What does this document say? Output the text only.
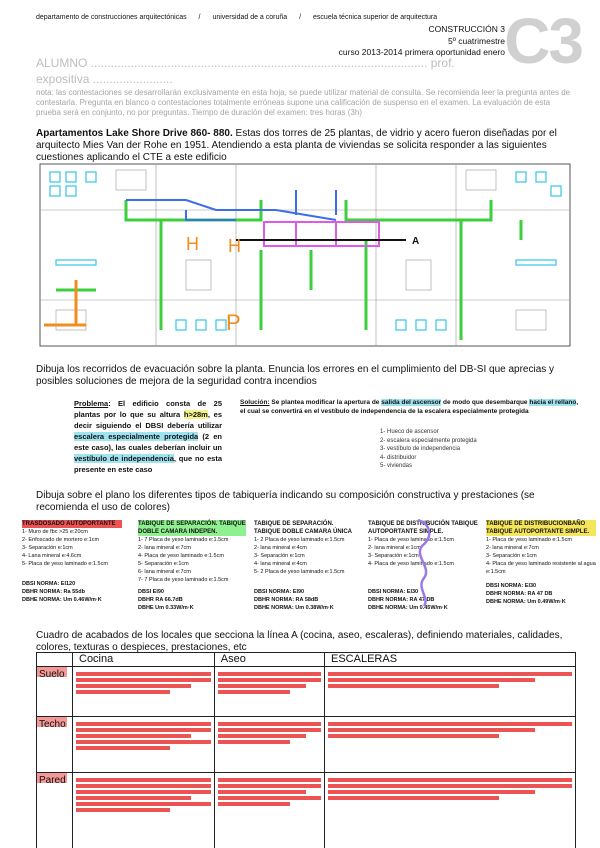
departamento de construcciones arquitectónicas / universidad de a coruña / escuela técnica superior de arquitectura
CONSTRUCCIÓN 3
5º cuatrimestre
curso 2013-2014 primera oportunidad enero C3
ALUMNO ..................................................................................................... prof.
expositiva ........................
nota: las contestaciones se desarrollarán exclusivamente en esta hoja, se puede utilizar material de consulta. Se recomienda leer la pregunta antes de contestarla. Pregunta en blanco o contestaciones totalmente erróneas supone una calificación de suspenso en el examen. La evaluación de esta prueba será en conjunto, no por preguntas. Tiempo de duración del examen: tres horas (3h)
Apartamentos Lake Shore Drive 860- 880. Estas dos torres de 25 plantas, de vidrio y acero fueron diseñadas por el arquitecto Mies Van der Rohe en 1951. Atendiendo a esta planta de viviendas se solicita responder a las siguientes cuestiones aplicando el CTE a este edificio
H H
P
A
Dibuja los recorridos de evacuación sobre la planta. Enuncia los errores en el cumplimiento del DB-SI que aprecias y posibles soluciones de mejora de la seguridad contra incendios
Problema: El edificio consta de 25 plantas por lo que su altura h>28m, es decir siguiendo el DBSI debería utilizar escalera especialmente protegida (2 en este caso), las cuales deberían incluir un vestíbulo de independencia, que no esta presente en este caso
Solución: Se plantea modificar la apertura de salida del ascensor de modo que desembarque hacia el rellano, el cual se convertirá en el vestíbulo de independencia de la escalera especialmente protegida
1- Hueco de ascensor
2- escalera especialmente protegida
3- vestíbulo de independencia
4- distribuidor
5- viviendas
Dibuja sobre el plano los diferentes tipos de tabiquería indicando su composición constructiva y prestaciones (se recomienda el uso de colores)
TRASDOSADO AUTOPORTANTE
1- Muro de fbc >25 e:20cm
2- Enfoscado de mortero e:1cm
3- Separación e:1cm
4- Lana mineral e:4.6cm
5- Placa de yeso laminado e:1.5cm
DBSI NORMA: EI120
DBHR NORMA: Ra 55db
DBHE NORMA: Um 0.46W/m·K
TABIQUE DE SEPARACIÓN. TABIQUE DOBLE CAMARA INDEPEN.
1- 7 Placa de yeso laminado e:1.5cm
2- lana mineral e:7cm
4- Placa de yeso laminado e:1.5cm
5- Separación e:1cm
6- lana mineral e:7cm
7- 7 Placa de yeso laminado e:1.5cm
DBSI EI90
DBHR RA 66.7dB
DBHE Um 0.33W/m·K
TABIQUE DE SEPARACIÓN. TABIQUE DOBLE CAMARA ÚNICA
1- 2 Placa de yeso laminado e:1.5cm
2- lana mineral e:4cm
3- Separación e:1cm
4- lana mineral e:4cm
5- 2 Placa de yeso laminado e:1.5cm
DBSI NORMA: EI90
DBHR NORMA: RA 58dB
DBHE NORMA: Um 0.38W/m·K
TABIQUE DE DISTRIBUCIÓN TABIQUE AUTOPORTANTE SIMPLE.
1- Placa de yeso laminado e:1.5cm
2- lana mineral e:1cm
3- Separación e:1cm
4- Placa de yeso laminado e:1.5cm
DBSI NORMA: EI30
DBHR NORMA: RA 47 DB
DBHE NORMA: Um 0.45W/m·K
TABIQUE DE DISTRIBUCIONBAÑO TABIQUE AUTOPORTANTE SIMPLE.
1- Placa de yeso laminado e:1.5cm
2- lana mineral e:7cm
3- Separación e:1cm
4- Placa de yeso laminado resistente al agua e:1.5cm
DBSI NORMA: EI30
DBHR NORMA: RA 47 DB
DBHE NORMA: Um 0.49W/m·K
Cuadro de acabados de los locales que secciona la línea A (cocina, aseo, escaleras), definiendo materiales, calidades, colores, texturas o despieces, prestaciones, etc
	Cocina	Aseo	ESCALERAS

Suelo	

Techo	

Pared	
